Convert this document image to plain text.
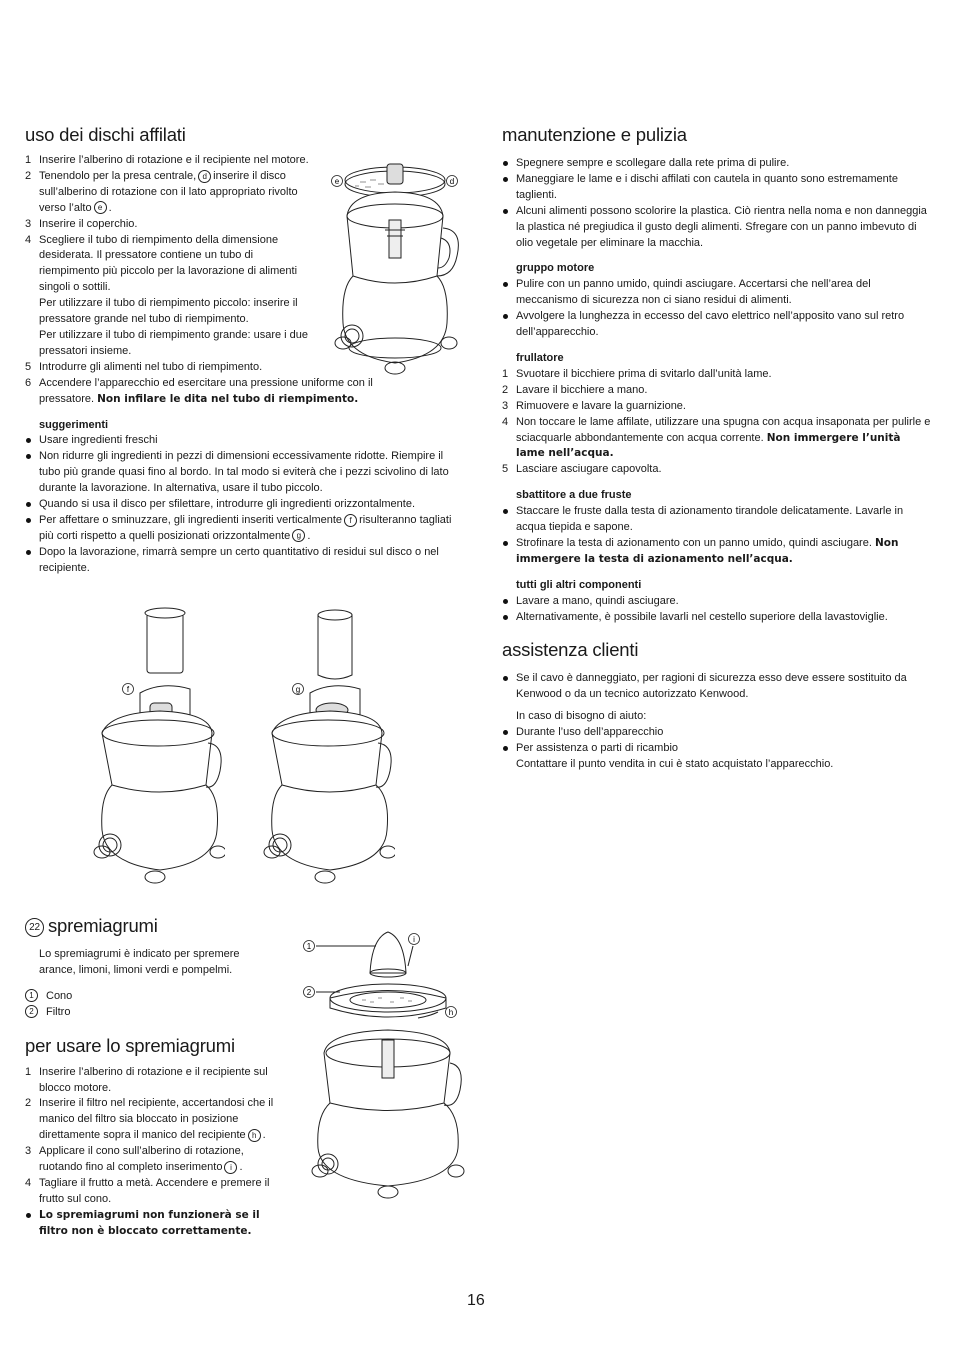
uso dei dischi affilati
1 Inserire l’alberino di rotazione e il recipiente nel motore.
2 Tenendolo per la presa centrale, d inserire il disco sull’alberino di rotazione con il lato appropriato rivolto verso l’alto e .
3 Inserire il coperchio.
4 Scegliere il tubo di riempimento della dimensione desiderata. Il pressatore contiene un tubo di riempimento più piccolo per la lavorazione di alimenti singoli o sottili.
Per utilizzare il tubo di riempimento piccolo: inserire il pressatore grande nel tubo di riempimento.
Per utilizzare il tubo di riempimento grande: usare i due pressatori insieme.
5 Introdurre gli alimenti nel tubo di riempimento.
6 Accendere l’apparecchio ed esercitare una pressione uniforme con il pressatore. Non infilare le dita nel tubo di riempimento.

suggerimenti

Usare ingredienti freschi
Non ridurre gli ingredienti in pezzi di dimensioni eccessivamente ridotte. Riempire il tubo più grande quasi fino al bordo. In tal modo si eviterà che i pezzi scivolino di lato durante la lavorazione. In alternativa, usare il tubo piccolo.
Quando si usa il disco per sfilettare, introdurre gli ingredienti orizzontalmente.
Per affettare o sminuzzare, gli ingredienti inseriti verticalmente f risulteranno tagliati più corti rispetto a quelli posizionati orizzontalmente g .
Dopo la lavorazione, rimarrà sempre un certo quantitativo di residui sul disco o nel recipiente.
e	d
f	g
22 spremiagrumi

Lo spremiagrumi è indicato per spremere arance, limoni, limoni verdi e pompelmi.

1 Cono
2 Filtro
per usare lo spremiagrumi
1 Inserire l’alberino di rotazione e il recipiente sul blocco motore.
2 Inserire il filtro nel recipiente, accertandosi che il manico del filtro sia bloccato in posizione direttamente sopra il manico del recipiente h .
3 Applicare il cono sull’alberino di rotazione, ruotando fino al completo inserimento i .
4 Tagliare il frutto a metà. Accendere e premere il frutto sul cono.
Lo spremiagrumi non funzionerà se il filtro non è bloccato correttamente.
1
2
i
h
manutenzione e pulizia
Spegnere sempre e scollegare dalla rete prima di pulire.
Maneggiare le lame e i dischi affilati con cautela in quanto sono estremamente taglienti.
Alcuni alimenti possono scolorire la plastica. Ciò rientra nella noma e non danneggia la plastica né pregiudica il gusto degli alimenti. Sfregare con un panno imbevuto di olio vegetale per eliminare la macchia.

gruppo motore

Pulire con un panno umido, quindi asciugare. Accertarsi che nell’area del meccanismo di sicurezza non ci siano residui di alimenti.
Avvolgere la lunghezza in eccesso del cavo elettrico nell’apposito vano sul retro dell’apparecchio.

frullatore

1 Svuotare il bicchiere prima di svitarlo dall’unità lame.
2 Lavare il bicchiere a mano.
3 Rimuovere e lavare la guarnizione.
4 Non toccare le lame affilate, utilizzare una spugna con acqua insaponata per pulirle e sciacquarle abbondantemente con acqua corrente. Non immergere l’unità lame nell’acqua.
5 Lasciare asciugare capovolta.

sbattitore a due fruste

Staccare le fruste dalla testa di azionamento tirandole delicatamente. Lavarle in acqua tiepida e sapone.
Strofinare la testa di azionamento con un panno umido, quindi asciugare. Non immergere la testa di azionamento nell’acqua.

tutti gli altri componenti

Lavare a mano, quindi asciugare.
Alternativamente, è possibile lavarli nel cestello superiore della lavastoviglie.
assistenza clienti
Se il cavo è danneggiato, per ragioni di sicurezza esso deve essere sostituito da Kenwood o da un tecnico autorizzato Kenwood.

In caso di bisogno di aiuto:

Durante l’uso dell’apparecchio
Per assistenza o parti di ricambio

Contattare il punto vendita in cui è stato acquistato l’apparecchio.

16
